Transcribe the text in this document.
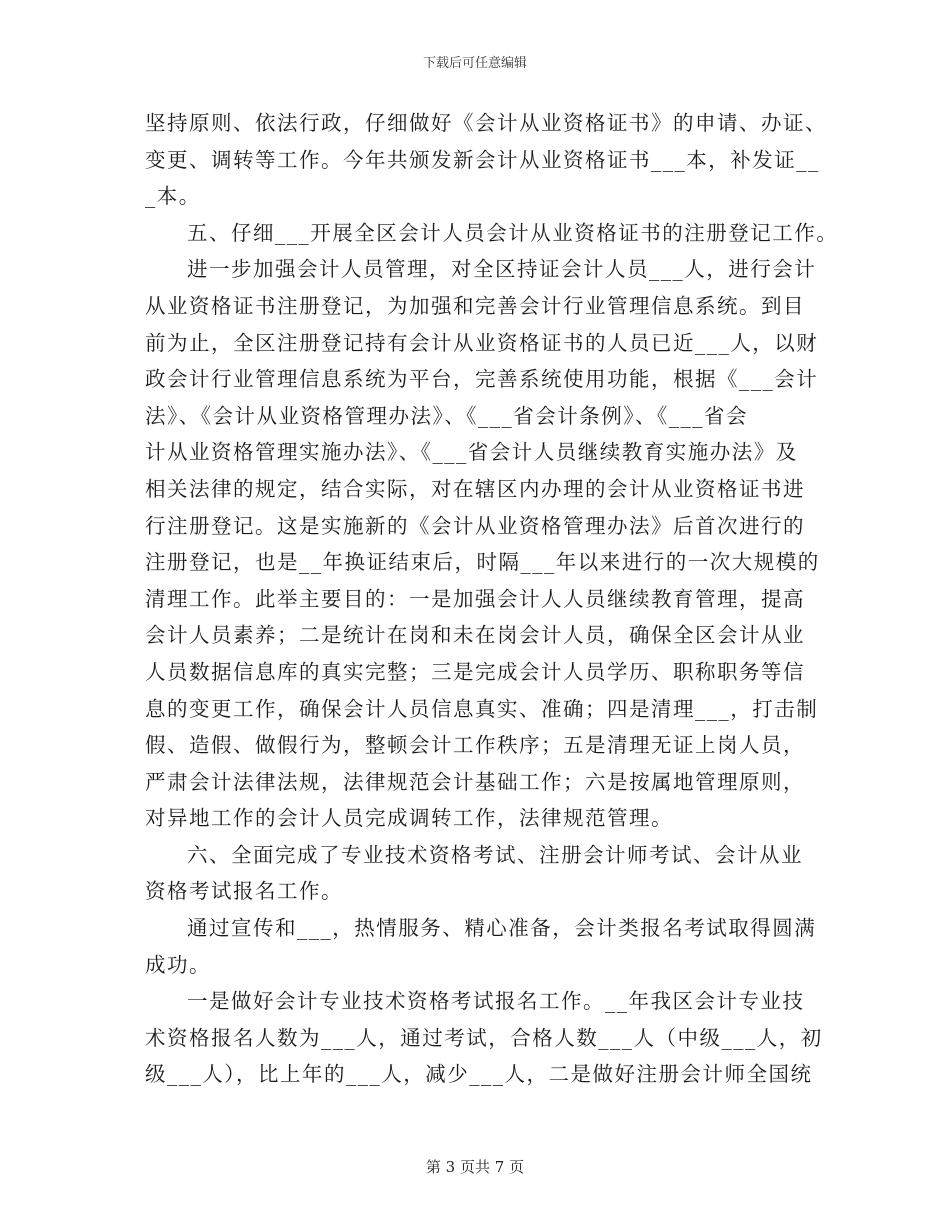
下载后可任意编辑
坚持原则、依法行政，仔细做好《会计从业资格证书》的申请、办证、
变更、调转等工作。今年共颁发新会计从业资格证书___本，补发证__
_本。
五、仔细___开展全区会计人员会计从业资格证书的注册登记工作。
进一步加强会计人员管理，对全区持证会计人员___人，进行会计
从业资格证书注册登记，为加强和完善会计行业管理信息系统。到目
前为止，全区注册登记持有会计从业资格证书的人员已近___人，以财
政会计行业管理信息系统为平台，完善系统使用功能，根据《___会计
法》、《会计从业资格管理办法》、《___省会计条例》、《___省会
计从业资格管理实施办法》、《___省会计人员继续教育实施办法》及
相关法律的规定，结合实际，对在辖区内办理的会计从业资格证书进
行注册登记。这是实施新的《会计从业资格管理办法》后首次进行的
注册登记，也是__年换证结束后，时隔___年以来进行的一次大规模的
清理工作。此举主要目的：一是加强会计人人员继续教育管理，提高
会计人员素养；二是统计在岗和未在岗会计人员，确保全区会计从业
人员数据信息库的真实完整；三是完成会计人员学历、职称职务等信
息的变更工作，确保会计人员信息真实、准确；四是清理___，打击制
假、造假、做假行为，整顿会计工作秩序；五是清理无证上岗人员，
严肃会计法律法规，法律规范会计基础工作；六是按属地管理原则，
对异地工作的会计人员完成调转工作，法律规范管理。
六、全面完成了专业技术资格考试、注册会计师考试、会计从业
资格考试报名工作。
通过宣传和___，热情服务、精心准备，会计类报名考试取得圆满
成功。
一是做好会计专业技术资格考试报名工作。__年我区会计专业技
术资格报名人数为___人，通过考试，合格人数___人（中级___人，初
级___人），比上年的___人，减少___人，二是做好注册会计师全国统
第 3 页共 7 页
